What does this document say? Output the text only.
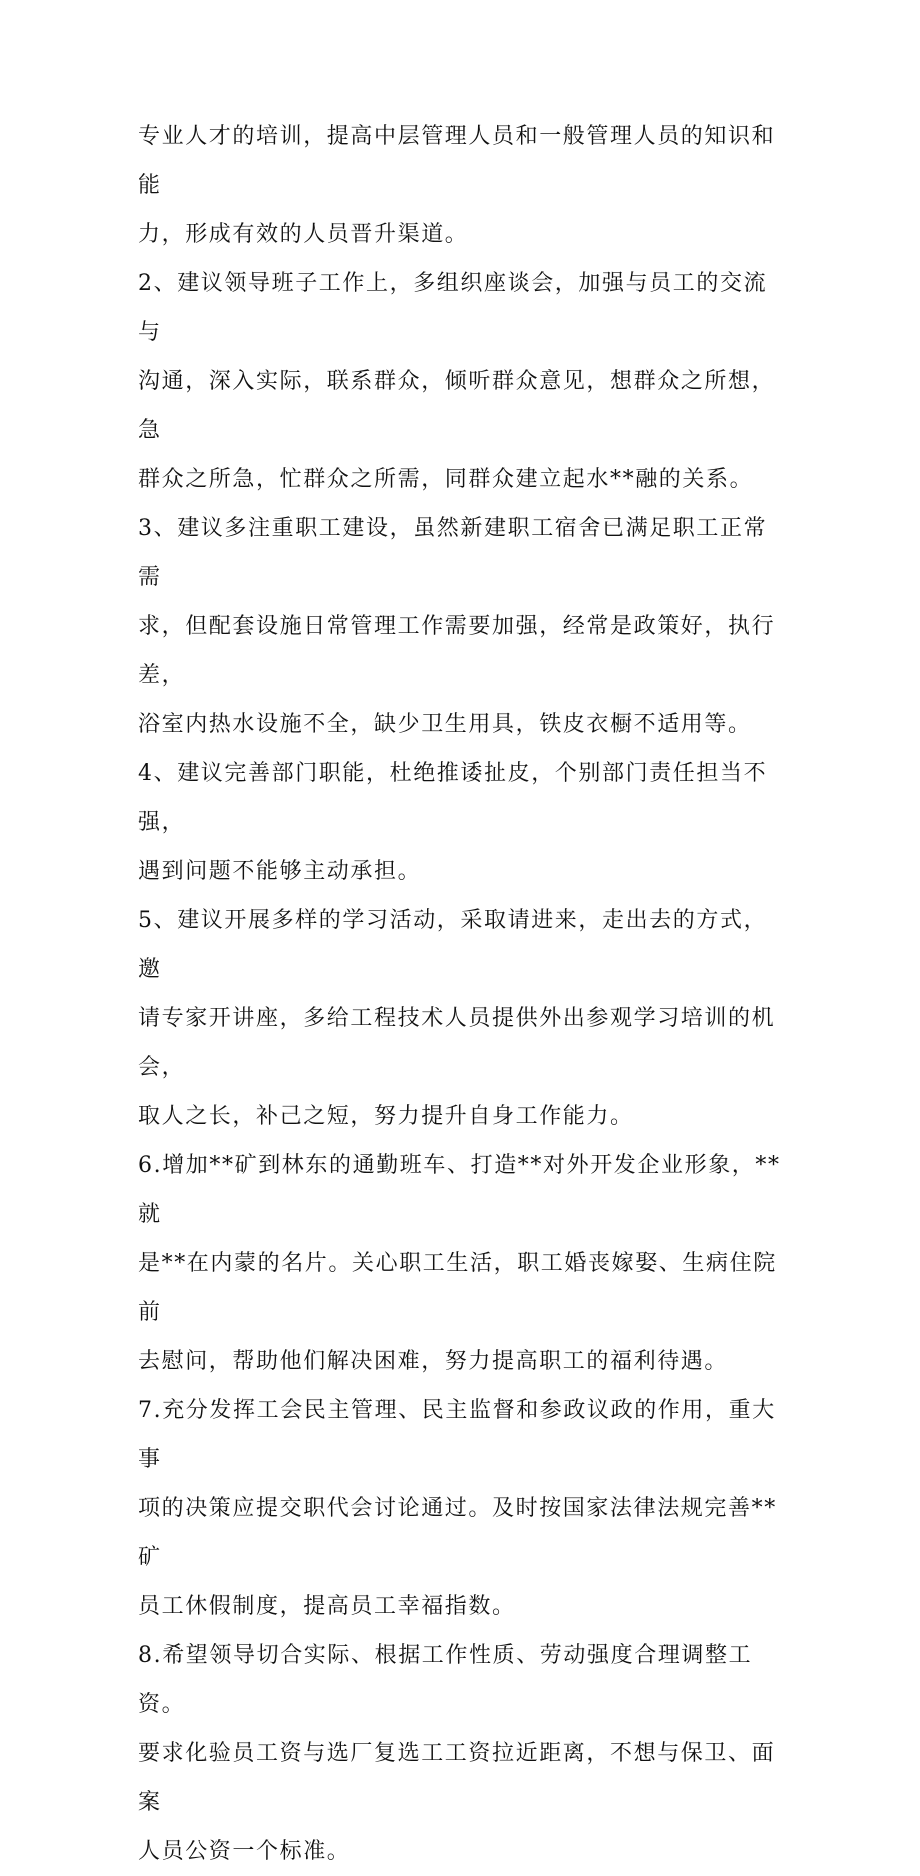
专业人才的培训，提高中层管理人员和一般管理人员的知识和能
力，形成有效的人员晋升渠道。

2、建议领导班子工作上，多组织座谈会，加强与员工的交流与
沟通，深入实际，联系群众，倾听群众意见，想群众之所想，急
群众之所急，忙群众之所需，同群众建立起水**融的关系。

3、建议多注重职工建设，虽然新建职工宿舍已满足职工正常需
求，但配套设施日常管理工作需要加强，经常是政策好，执行差，
浴室内热水设施不全，缺少卫生用具，铁皮衣橱不适用等。

4、建议完善部门职能，杜绝推诿扯皮，个别部门责任担当不强，
遇到问题不能够主动承担。

5、建议开展多样的学习活动，采取请进来，走出去的方式，邀
请专家开讲座，多给工程技术人员提供外出参观学习培训的机会，
取人之长，补己之短，努力提升自身工作能力。

6.增加**矿到林东的通勤班车、打造**对外开发企业形象，**就
是**在内蒙的名片。关心职工生活，职工婚丧嫁娶、生病住院前
去慰问，帮助他们解决困难，努力提高职工的福利待遇。

7.充分发挥工会民主管理、民主监督和参政议政的作用，重大事
项的决策应提交职代会讨论通过。及时按国家法律法规完善**矿
员工休假制度，提高员工幸福指数。

8.希望领导切合实际、根据工作性质、劳动强度合理调整工资。
要求化验员工资与选厂复选工工资拉近距离，不想与保卫、面案
人员公资一个标准。
